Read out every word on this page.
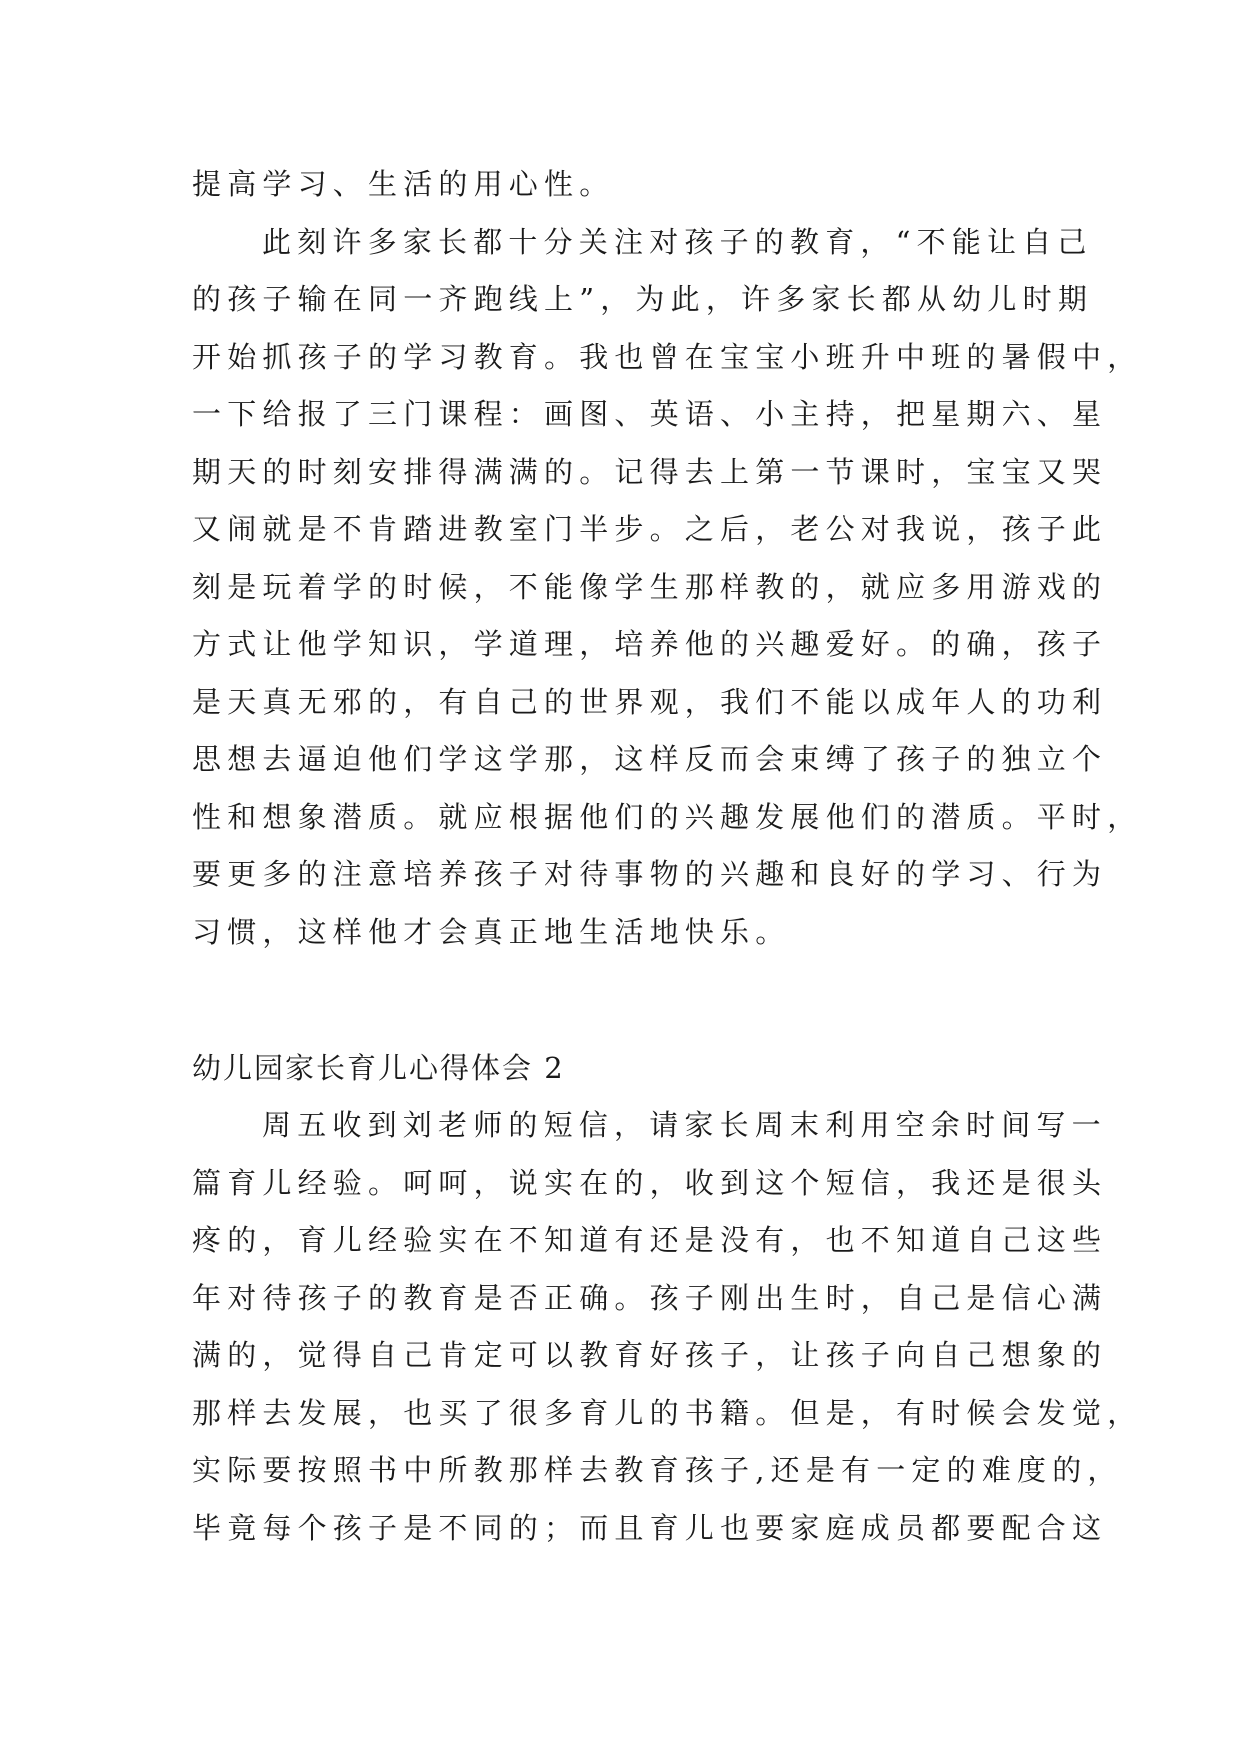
提高学习、生活的用心性。
此刻许多家长都十分关注对孩子的教育，“不能让自己
的孩子输在同一齐跑线上”，为此，许多家长都从幼儿时期
开始抓孩子的学习教育。我也曾在宝宝小班升中班的暑假中，
一下给报了三门课程：画图、英语、小主持，把星期六、星
期天的时刻安排得满满的。记得去上第一节课时，宝宝又哭
又闹就是不肯踏进教室门半步。之后，老公对我说，孩子此
刻是玩着学的时候，不能像学生那样教的，就应多用游戏的
方式让他学知识，学道理，培养他的兴趣爱好。的确，孩子
是天真无邪的，有自己的世界观，我们不能以成年人的功利
思想去逼迫他们学这学那，这样反而会束缚了孩子的独立个
性和想象潜质。就应根据他们的兴趣发展他们的潜质。平时，
要更多的注意培养孩子对待事物的兴趣和良好的学习、行为
习惯，这样他才会真正地生活地快乐。
幼儿园家长育儿心得体会 2
周五收到刘老师的短信，请家长周末利用空余时间写一
篇育儿经验。呵呵，说实在的，收到这个短信，我还是很头
疼的，育儿经验实在不知道有还是没有，也不知道自己这些
年对待孩子的教育是否正确。孩子刚出生时，自己是信心满
满的，觉得自己肯定可以教育好孩子，让孩子向自己想象的
那样去发展，也买了很多育儿的书籍。但是，有时候会发觉，
实际要按照书中所教那样去教育孩子,还是有一定的难度的，
毕竟每个孩子是不同的；而且育儿也要家庭成员都要配合这
